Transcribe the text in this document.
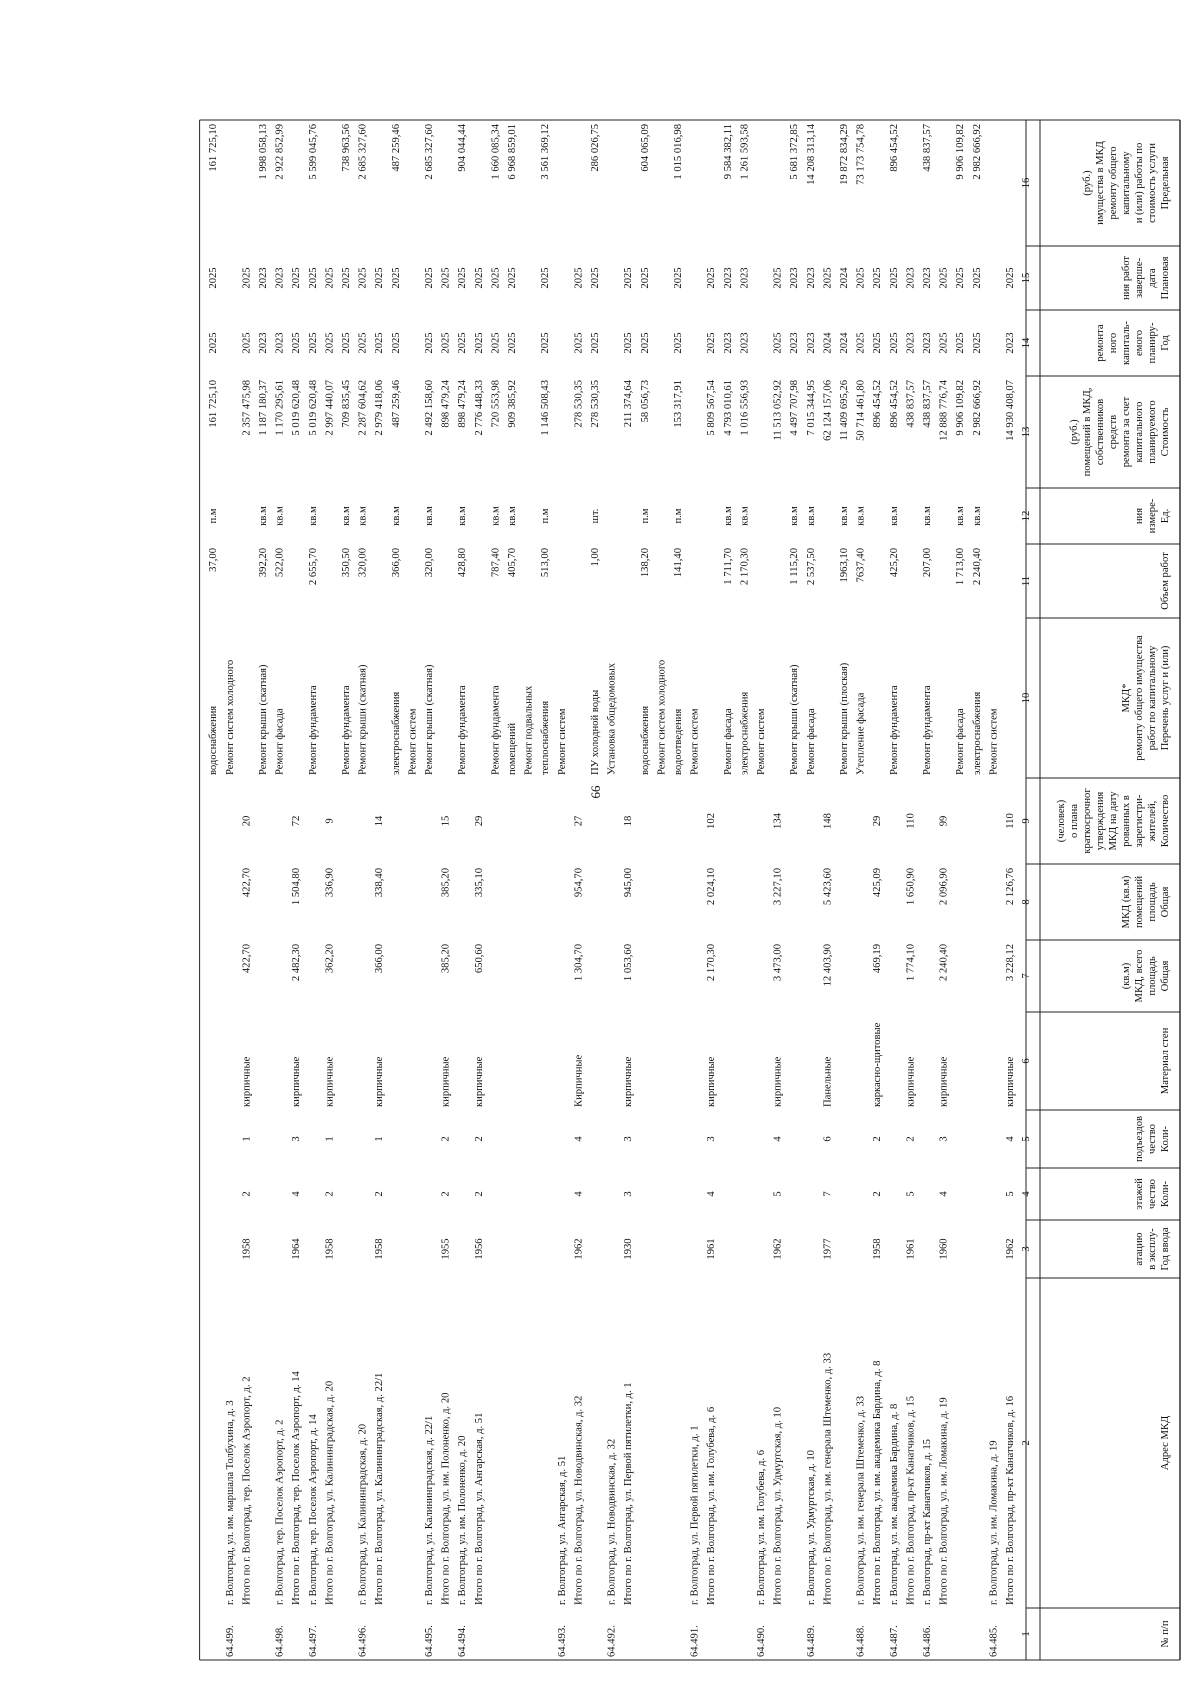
66
№ п/п
Адрес МКД
Год ввода
в эксплу-
атацию
Коли-
чество
этажей
Коли-
чество
подъездов
Материал стен
Общая
площадь
МКД, всего
(кв.м)
Общая
площадь
помещений
МКД (кв.м)
Количество
жителей,
зарегистри-
рованных в
МКД на дату
утверждения
краткосрочног
о плана
(человек)
Перечень услуг и (или)
работ по капитальному
ремонту общего имущества
МКД*
Объем работ
Ед.
измере-
ния
Стоимость
планируемого
капитального
ремонта за счет
средств
собственников
помещений в МКД,
(руб.)
Год
планиру-
емого
капиталь-
ного
ремонта
Плановая
дата
заверше-
ния работ
Предельная
стоимость услуги
и (или) работы по
капитальному
ремонту общего
имущества в МКД
(руб.)
1
2
3
4
5
6
7
8
9
10
11
12
13
14
15
16
Итого по г. Волгоград, пр-кт Канатчиков, д. 16
1962
5
4
кирпичные
3 228,12
2 126,76
110
14 930 408,07
2023
2025
64.485.
г. Волгоград, ул. им. Ломакина, д. 19
Ремонт систем
электроснабжения
2 240,40
кв.м
2 982 666,92
2025
2025
2 982 666,92
Ремонт фасада
1 713,00
кв.м
9 906 109,82
2025
2025
9 906 109,82
Итого по г. Волгоград, ул. им. Ломакина, д. 19
1960
4
3
кирпичные
2 240,40
2 096,90
99
12 888 776,74
2025
2025
64.486.
г. Волгоград, пр-кт Канатчиков, д. 15
Ремонт фундамента
207,00
кв.м
438 837,57
2023
2023
438 837,57
Итого по г. Волгоград, пр-кт Канатчиков, д. 15
1961
5
2
кирпичные
1 774,10
1 650,90
110
438 837,57
2023
2023
64.487.
г. Волгоград, ул. им. академика Бардина, д. 8
Ремонт фундамента
425,20
кв.м
896 454,52
2025
2025
896 454,52
Итого по г. Волгоград, ул. им. академика Бардина, д. 8
1958
2
2
каркасно-щитовые
469,19
425,09
29
896 454,52
2025
2025
64.488.
г. Волгоград, ул. им. генерала Штеменко, д. 33
Утепление фасада
7637,40
кв.м
50 714 461,80
2025
2025
73 173 754,78
Ремонт крыши (плоская)
1963,10
кв.м
11 409 695,26
2024
2024
19 872 834,29
Итого по г. Волгоград, ул. им. генерала Штеменко, д. 33
1977
7
6
Панельные
12 403,90
5 423,60
148
62 124 157,06
2024
2025
64.489.
г. Волгоград, ул. Удмуртская, д. 10
Ремонт фасада
2 537,50
кв.м
7 015 344,95
2023
2023
14 208 313,14
Ремонт крыши (скатная)
1 115,20
кв.м
4 497 707,98
2023
2023
5 681 372,85
Итого по г. Волгоград, ул. Удмуртская, д. 10
1962
5
4
кирпичные
3 473,00
3 227,10
134
11 513 052,92
2025
2025
64.490.
г. Волгоград, ул. им. Голубева, д. 6
Ремонт систем
электроснабжения
2 170,30
кв.м
1 016 556,93
2023
2023
1 261 593,58
Ремонт фасада
1 711,70
кв.м
4 793 010,61
2023
2023
9 584 382,11
Итого по г. Волгоград, ул. им. Голубева, д. 6
1961
4
3
кирпичные
2 170,30
2 024,10
102
5 809 567,54
2025
2025
64.491.
г. Волгоград, ул. Первой пятилетки, д. 1
Ремонт систем
водоотведения
141,40
п.м
153 317,91
2025
2025
1 015 016,98
Ремонт систем холодного
водоснабжения
138,20
п.м
58 056,73
2025
2025
604 065,09
Итого по г. Волгоград, ул. Первой пятилетки, д. 1
1930
3
3
кирпичные
1 053,60
945,00
18
211 374,64
2025
2025
64.492.
г. Волгоград, ул. Новодвинская, д. 32
Установка общедомовых
ПУ холодной воды
1,00
шт.
278 530,35
2025
2025
286 026,75
Итого по г. Волгоград, ул. Новодвинская, д. 32
1962
4
4
Кирпичные
1 304,70
954,70
27
278 530,35
2025
2025
64.493.
г. Волгоград, ул. Ангарская, д. 51
Ремонт систем
теплоснабжения
513,00
п.м
1 146 508,43
2025
2025
3 561 369,12
Ремонт подвальных
помещений
405,70
кв.м
909 385,92
2025
2025
6 968 859,01
Ремонт фундамента
787,40
кв.м
720 553,98
2025
2025
1 660 085,34
Итого по г. Волгоград, ул. Ангарская, д. 51
1956
2
2
кирпичные
650,60
335,10
29
2 776 448,33
2025
2025
64.494.
г. Волгоград, ул. им. Полоненко, д. 20
Ремонт фундамента
428,80
кв.м
898 479,24
2025
2025
904 044,44
Итого по г. Волгоград, ул. им. Полоненко, д. 20
1955
2
2
кирпичные
385,20
385,20
15
898 479,24
2025
2025
64.495.
г. Волгоград, ул. Калининградская, д. 22/1
Ремонт крыши (скатная)
320,00
кв.м
2 492 158,60
2025
2025
2 685 327,60
Ремонт систем
электроснабжения
366,00
кв.м
487 259,46
2025
2025
487 259,46
Итого по г. Волгоград, ул. Калининградская, д. 22/1
1958
2
1
кирпичные
366,00
338,40
14
2 979 418,06
2025
2025
64.496.
г. Волгоград, ул. Калининградская, д. 20
Ремонт крыши (скатная)
320,00
кв.м
2 287 604,62
2025
2025
2 685 327,60
Ремонт фундамента
350,50
кв.м
709 835,45
2025
2025
738 963,56
Итого по г. Волгоград, ул. Калининградская, д. 20
1958
2
1
кирпичные
362,20
336,90
9
2 997 440,07
2025
2025
64.497.
г. Волгоград, тер. Поселок Аэропорт, д. 14
Ремонт фундамента
2 655,70
кв.м
5 019 620,48
2025
2025
5 599 045,76
Итого по г. Волгоград, тер. Поселок Аэропорт, д. 14
1964
4
3
кирпичные
2 482,30
1 504,80
72
5 019 620,48
2025
2025
64.498.
г. Волгоград, тер. Поселок Аэропорт, д. 2
Ремонт фасада
522,00
кв.м
1 170 295,61
2023
2023
2 922 852,99
Ремонт крыши (скатная)
392,20
кв.м
1 187 180,37
2023
2023
1 998 058,13
Итого по г. Волгоград, тер. Поселок Аэропорт, д. 2
1958
2
1
кирпичные
422,70
422,70
20
2 357 475,98
2025
2025
64.499.
г. Волгоград, ул. им. маршала Толбухина, д. 3
Ремонт систем холодного
водоснабжения
37,00
п.м
161 725,10
2025
2025
161 725,10
